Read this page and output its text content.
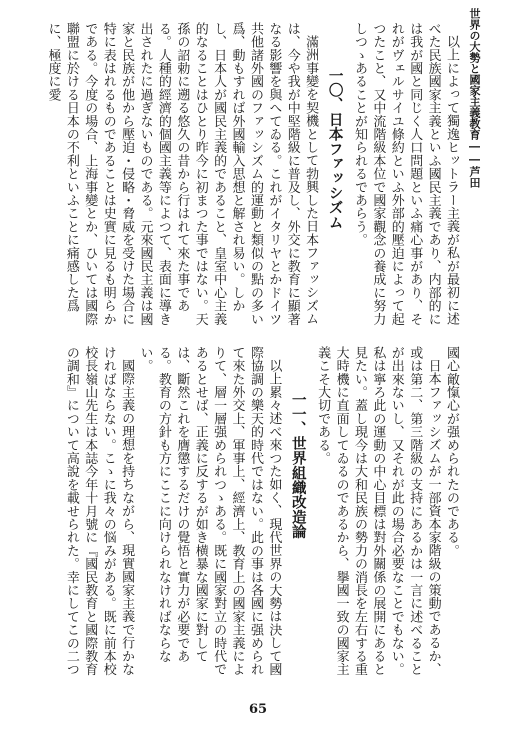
世界の大勢と國家主義教育――芦田

以上によって獨逸ヒットラー主義が私が最初に述べた民族國家主義といふ國民主義であり、内部的には我が國と同じく人口問題といふ痛心事があり、それがヴェルサイユ條約といふ外部的壓迫によって起つたこと、又中流階級本位で國家觀念の養成に努力しつゝあることが知られるであらう。

一〇、日本ファッシズム

滿洲事變を契機として勃興した日本ファッシズムは、今や我が中堅階級に普及し、外交に教育に顯著なる影響を與へてゐる。これがイタリヤとかドイツ共他諸外國のファッシズム的運動と類似の點の多い爲、動もすれば外國輸入思想と解され易い。しかし、日本人が國民主義的であること、皇室中心主義的なることはひとり昨今に初まつた事ではない。天孫の詔勅に遡る悠久の昔から行はれて來た事である。人種的經濟的個國主義等によつて、表面に導き出されたに過ぎないものである。元來國民主義は國家と民族が他から壓迫・侵略・脅威を受けた場合に特に表はれるものであることは史實に見るも明らかである。今度の場合、上海事變とか、ひいては國際聯盟に於ける日本の不利といふことに痛感した爲に、極度に愛

國心敵愾心が强められたのである。

日本ファッシズムが一部資本家階級の策動であるか、或は第二、第三階級の支持にあるかは一言に述べることが出來ないし、又それが此の場合必要なことでもない。私は寧ろ此の運動の中心目標は對外關係の展開にあると見たい。蓋し現今は大和民族の勢力の消長を左右する重大時機に直面してゐるのであるから、擧國一致の國家主義こそ大切である。

一一、世界組織改造論

以上累々述べ來つた如く、現代世界の大勢は決して國際協調の樂天的時代ではない。此の事は各國に强められて來た外交上、軍事上、經濟上、教育上の國家主義によりて、層一層强められつゝある。既に國家對立の時代であるとせば、正義に反するが如き横暴な國家に對しては、斷然これを膺懲するだけの覺悟と實力が必要である。教育の方針も方にここに向けられなければならない。

國際主義の理想を持ちながら、現實國家主義で行かなければならない。こゝに我々の悩みがある。既に前本校校長嶺山先生は本誌今年十月號に『國民教育と國際教育の調和』について高說を載せられた。幸にしてこの二つ

65
